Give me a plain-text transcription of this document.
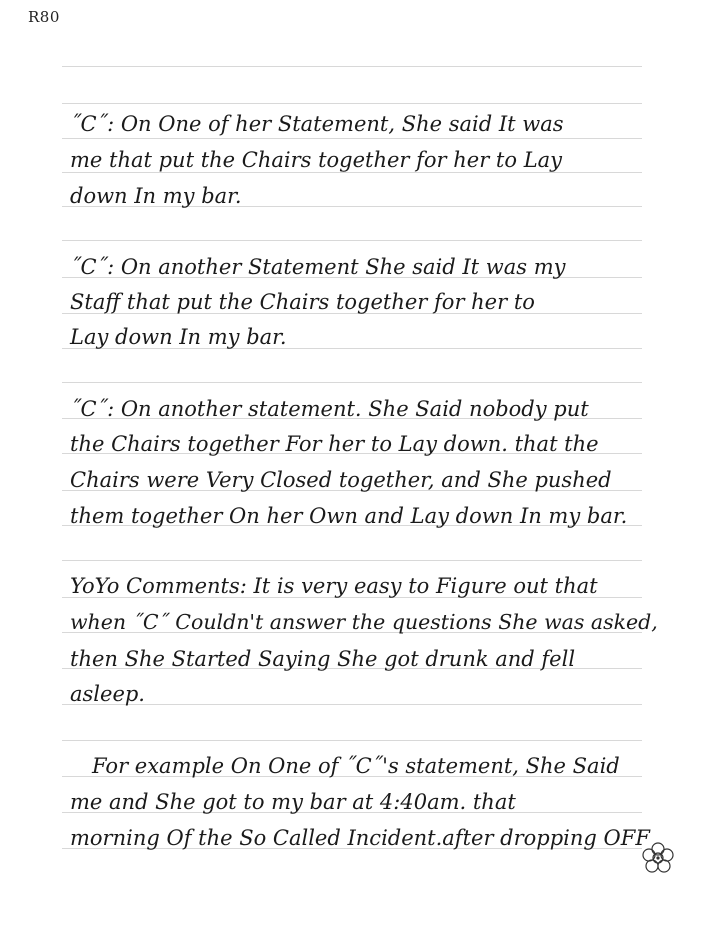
R80
˝C˝: On One of her Statement, She said It was
me that put the Chairs together for her to Lay
down In my bar.
˝C˝: On another Statement She said It was my
Staff that put the Chairs together for her to
Lay down In my bar.
˝C˝: On another statement. She Said nobody put
the Chairs together For her to Lay down. that the
Chairs were Very Closed together, and She pushed
them together On her Own and Lay down In my bar.
YoYo Comments: It is very easy to Figure out that
when ˝C˝ Couldn't answer the questions She was asked,
then She Started Saying She got drunk and fell
asleep.
For example On One of ˝C˝'s statement, She Said
me and She got to my bar at 4:40am. that
morning Of the So Called Incident.after dropping OFF
